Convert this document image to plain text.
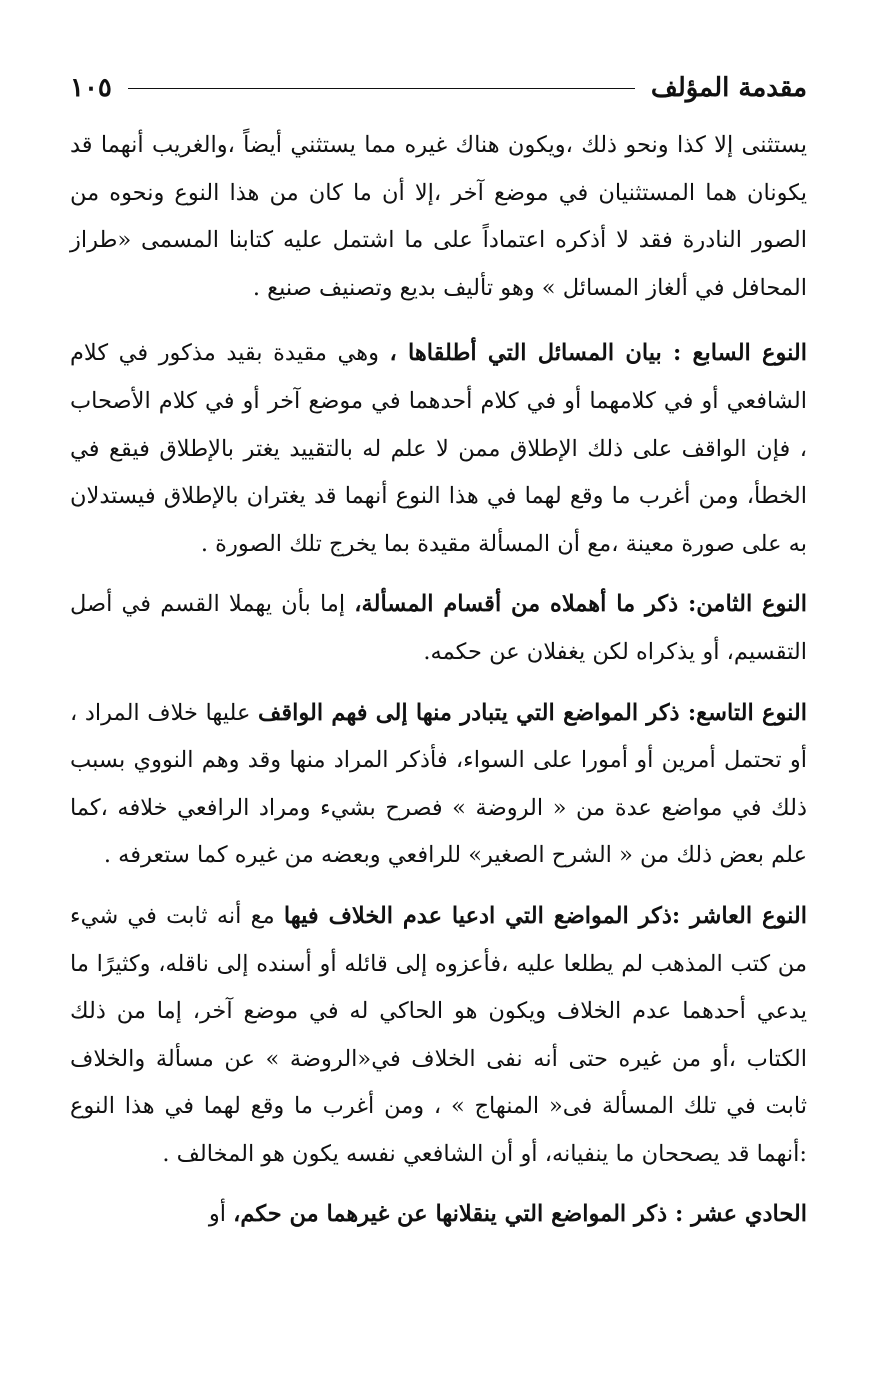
مقدمة المؤلف
١٠٥

يستثنى إلا كذا ونحو ذلك ،ويكون هناك غيره مما يستثني أيضاً ،والغريب أنهما قد يكونان هما المستثنيان في موضع آخر ،إلا أن ما كان من هذا النوع ونحوه من الصور النادرة فقد لا أذكره اعتماداً على ما اشتمل عليه كتابنا المسمى «طراز المحافل في ألغاز المسائل » وهو تأليف بديع وتصنيف صنيع .

النوع السابع : بيان المسائل التي أطلقاها ، وهي مقيدة بقيد مذكور في كلام الشافعي أو في كلامهما أو في كلام أحدهما في موضع آخر أو في كلام الأصحاب ، فإن الواقف على ذلك الإطلاق ممن لا علم له بالتقييد يغتر بالإطلاق فيقع في الخطأ، ومن أغرب ما وقع لهما في هذا النوع أنهما قد يغتران بالإطلاق فيستدلان به على صورة معينة ،مع أن المسألة مقيدة بما يخرج تلك الصورة .

النوع الثامن: ذكر ما أهملاه من أقسام المسألة، إما بأن يهملا القسم في أصل التقسيم، أو يذكراه لكن يغفلان عن حكمه.

النوع التاسع: ذكر المواضع التي يتبادر منها إلى فهم الواقف عليها خلاف المراد ، أو تحتمل أمرين أو أمورا على السواء، فأذكر المراد منها وقد وهم النووي بسبب ذلك في مواضع عدة من « الروضة » فصرح بشيء ومراد الرافعي خلافه ،كما علم بعض ذلك من « الشرح الصغير» للرافعي وبعضه من غيره كما ستعرفه .

النوع العاشر :ذكر المواضع التي ادعيا عدم الخلاف فيها مع أنه ثابت في شيء من كتب المذهب لم يطلعا عليه ،فأعزوه إلى قائله أو أسنده إلى ناقله، وكثيرًا ما يدعي أحدهما عدم الخلاف ويكون هو الحاكي له في موضع آخر، إما من ذلك الكتاب ،أو من غيره حتى أنه نفى الخلاف في«الروضة » عن مسألة والخلاف ثابت في تلك المسألة فى« المنهاج » ، ومن أغرب ما وقع لهما في هذا النوع :أنهما قد يصححان ما ينفيانه، أو أن الشافعي نفسه يكون هو المخالف .

الحادي عشر : ذكر المواضع التي ينقلانها عن غيرهما من حكم، أو
